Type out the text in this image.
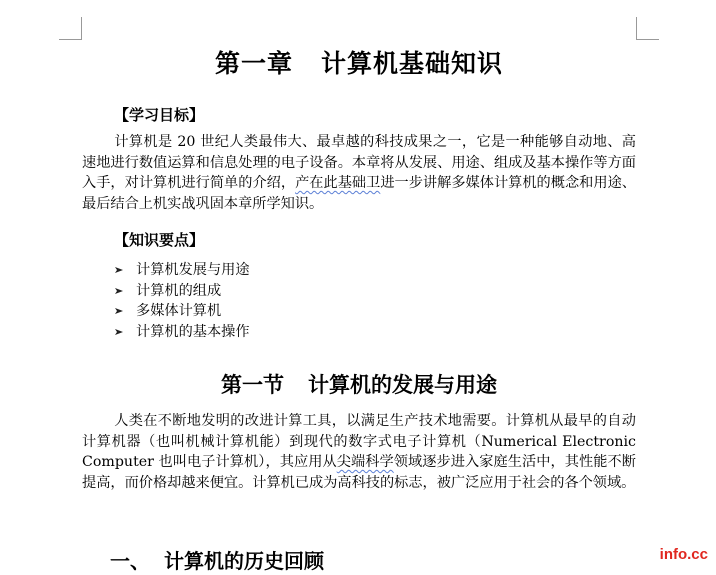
第一章 计算机基础知识

【学习目标】

计算机是 20 世纪人类最伟大、最卓越的科技成果之一，它是一种能够自动地、高速地进行数值运算和信息处理的电子设备。本章将从发展、用途、组成及基本操作等方面入手，对计算机进行简单的介绍，产在此基础卫进一步讲解多媒体计算机的概念和用途、最后结合上机实战巩固本章所学知识。

【知识要点】

计算机发展与用途
计算机的组成
多媒体计算机
计算机的基本操作
第一节 计算机的发展与用途

人类在不断地发明的改进计算工具，以满足生产技术地需要。计算机从最早的自动计算机器（也叫机械计算机能）到现代的数字式电子计算机（Numerical Electronic　Computer 也叫电子计算机），其应用从尖端科学领域逐步进入家庭生活中，其性能不断提高，而价格却越来便宜。计算机已成为高科技的标志，被广泛应用于社会的各个领域。

一、 计算机的历史回顾	info.cc
